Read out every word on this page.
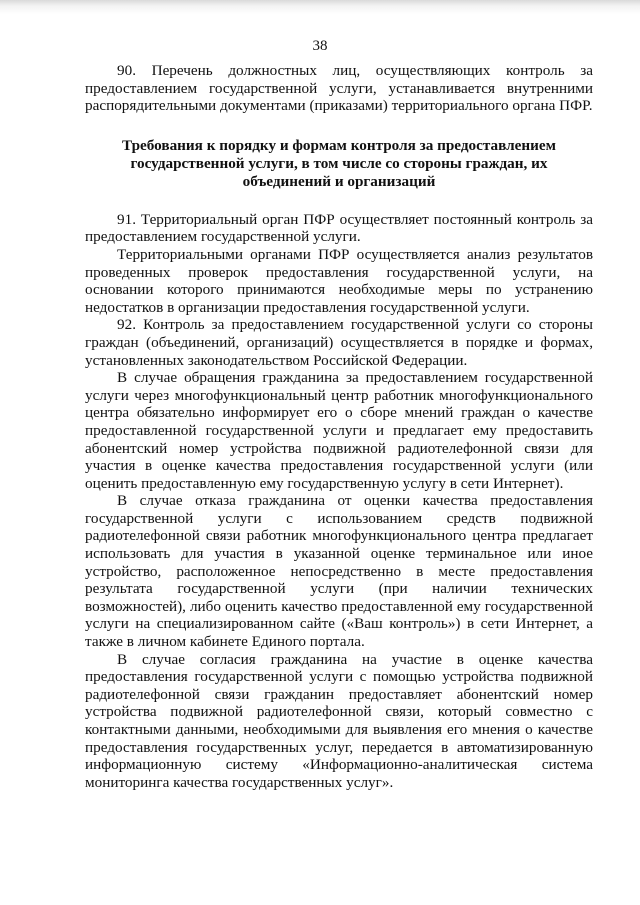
38

90. Перечень должностных лиц, осуществляющих контроль за предоставлением государственной услуги, устанавливается внутренними распорядительными документами (приказами) территориального органа ПФР.

Требования к порядку и формам контроля за предоставлением государственной услуги, в том числе со стороны граждан, их объединений и организаций

91. Территориальный орган ПФР осуществляет постоянный контроль за предоставлением государственной услуги.

Территориальными органами ПФР осуществляется анализ результатов проведенных проверок предоставления государственной услуги, на основании которого принимаются необходимые меры по устранению недостатков в организации предоставления государственной услуги.

92. Контроль за предоставлением государственной услуги со стороны граждан (объединений, организаций) осуществляется в порядке и формах, установленных законодательством Российской Федерации.

В случае обращения гражданина за предоставлением государственной услуги через многофункциональный центр работник многофункционального центра обязательно информирует его о сборе мнений граждан о качестве предоставленной государственной услуги и предлагает ему предоставить абонентский номер устройства подвижной радиотелефонной связи для участия в оценке качества предоставления государственной услуги (или оценить предоставленную ему государственную услугу в сети Интернет).

В случае отказа гражданина от оценки качества предоставления государственной услуги с использованием средств подвижной радиотелефонной связи работник многофункционального центра предлагает использовать для участия в указанной оценке терминальное или иное устройство, расположенное непосредственно в месте предоставления результата государственной услуги (при наличии технических возможностей), либо оценить качество предоставленной ему государственной услуги на специализированном сайте («Ваш контроль») в сети Интернет, а также в личном кабинете Единого портала.

В случае согласия гражданина на участие в оценке качества предоставления государственной услуги с помощью устройства подвижной радиотелефонной связи гражданин предоставляет абонентский номер устройства подвижной радиотелефонной связи, который совместно с контактными данными, необходимыми для выявления его мнения о качестве предоставления государственных услуг, передается в автоматизированную информационную систему «Информационно-аналитическая система мониторинга качества государственных услуг».
